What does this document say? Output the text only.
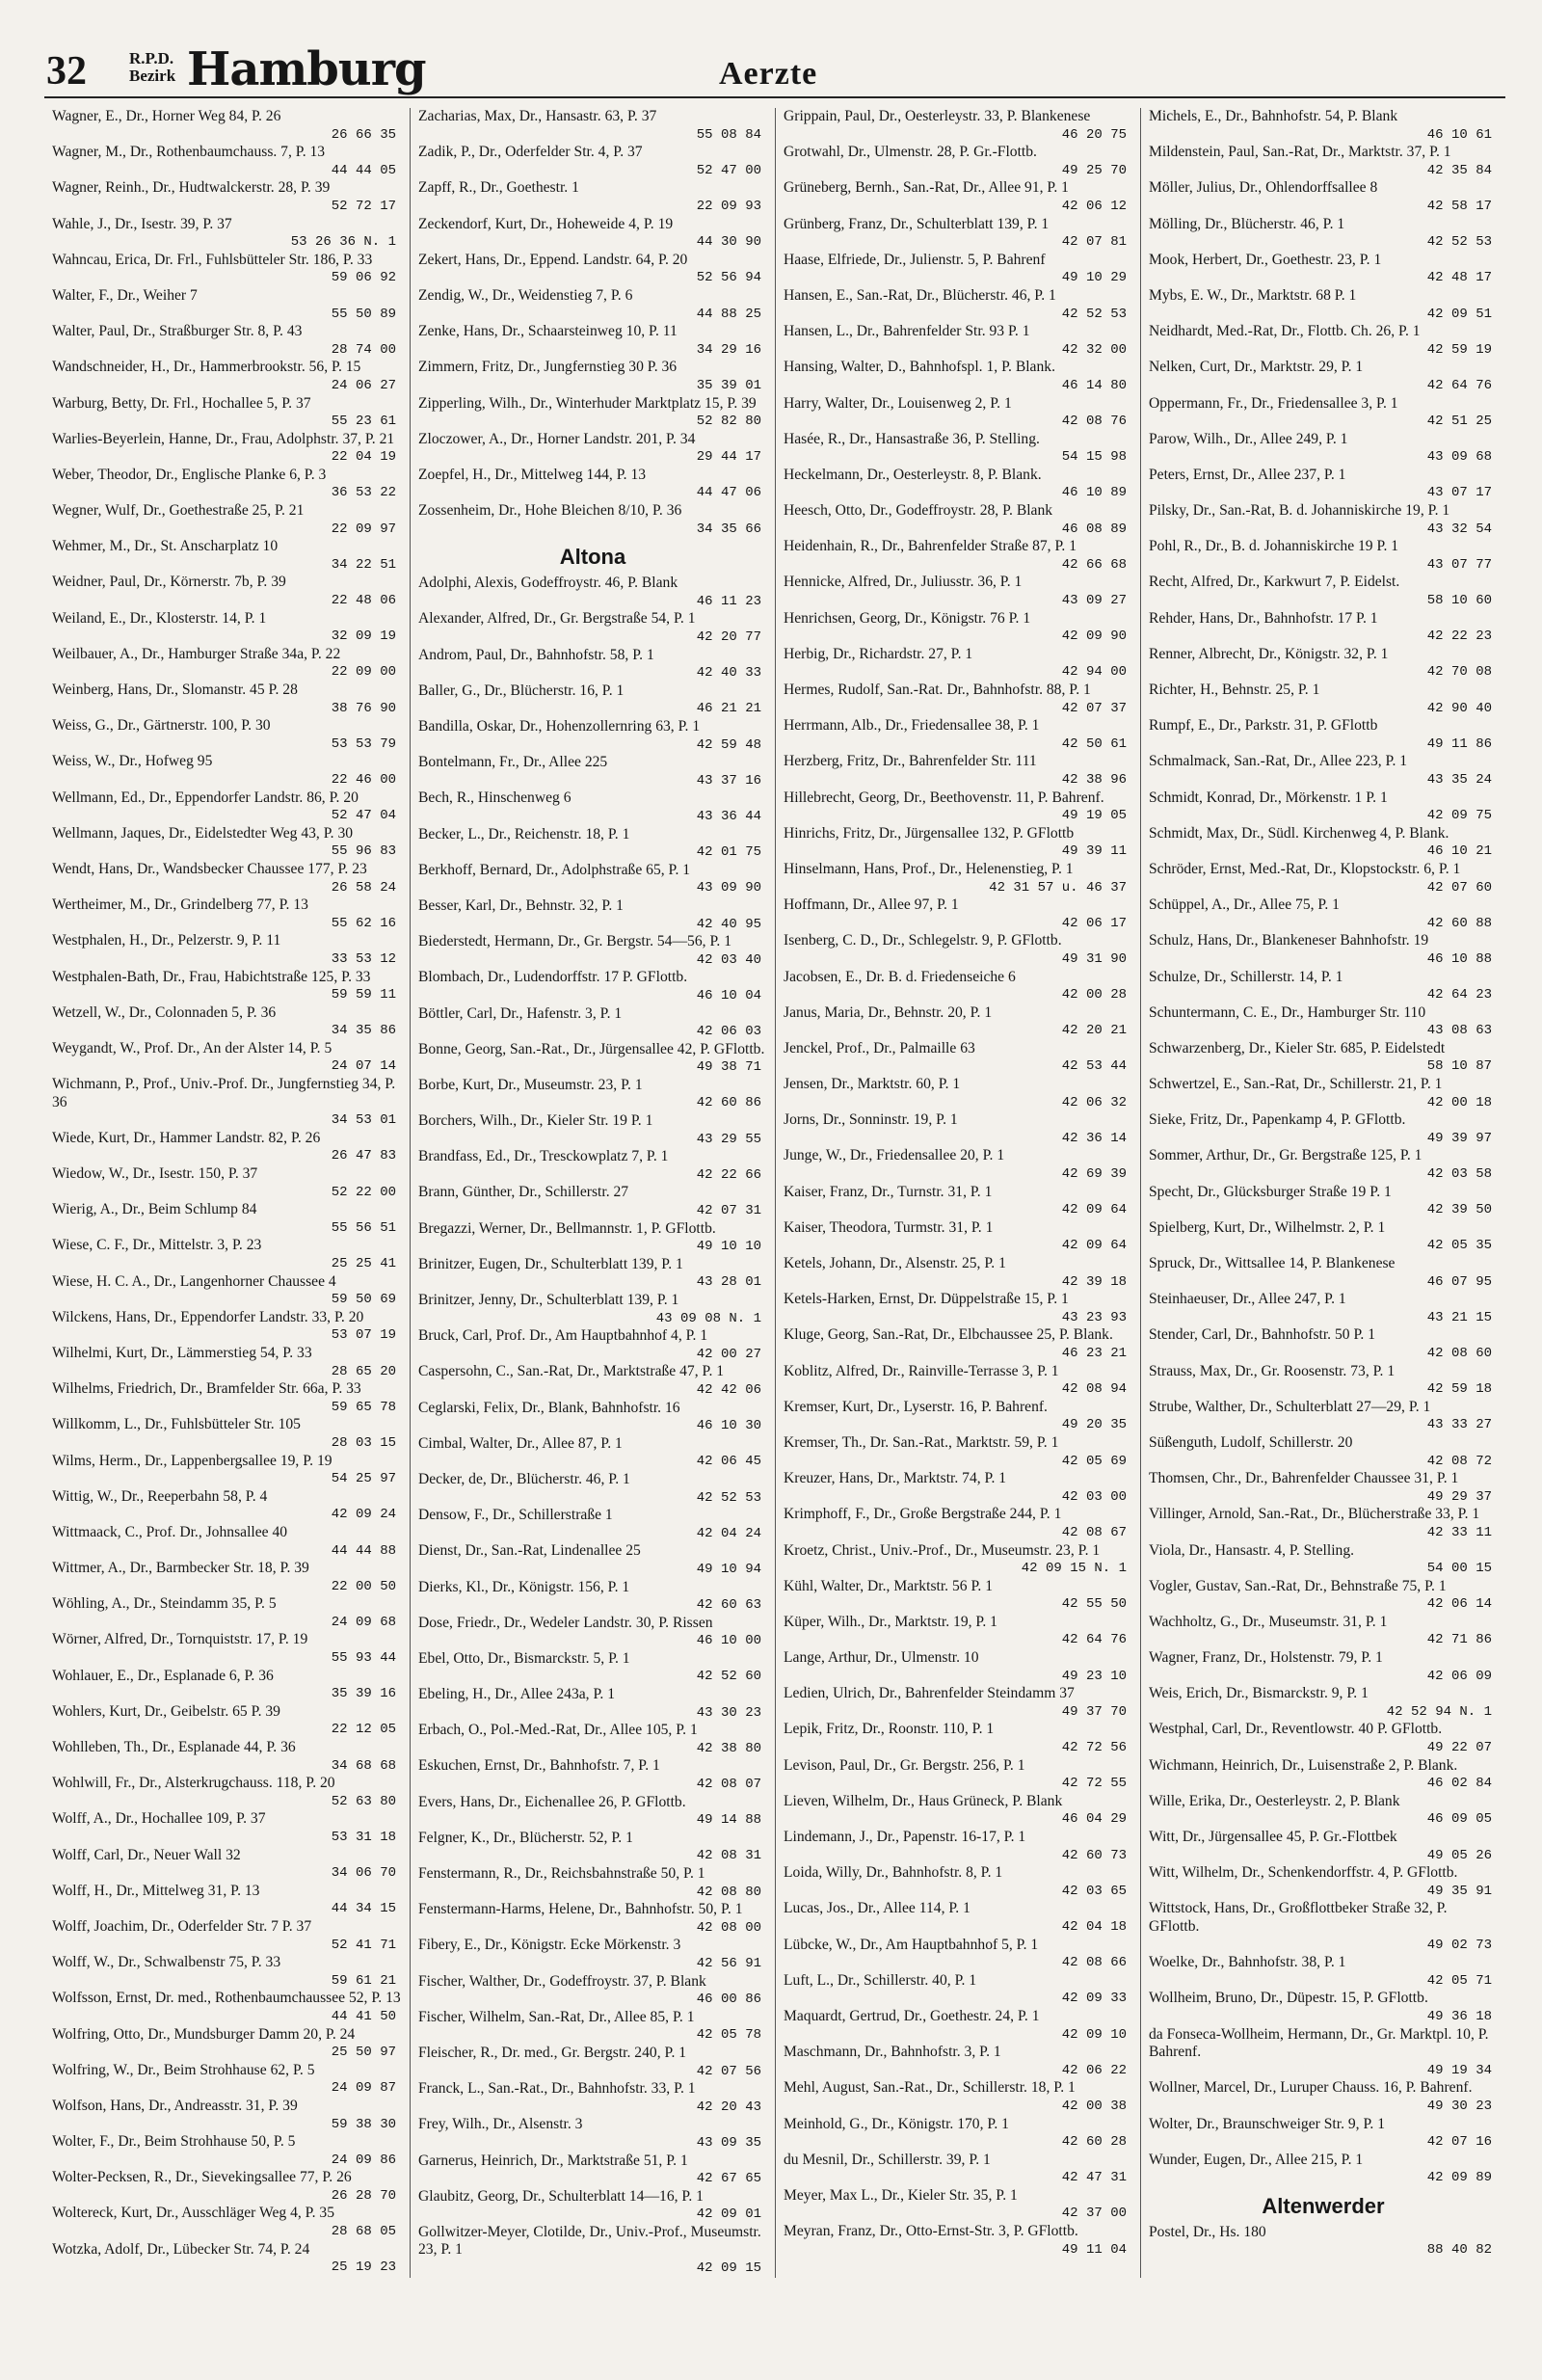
32	R.P.D.
Bezirk Hamburg	Aerzte
Wagner, E., Dr., Horner Weg 84, P. 26
26 66 35
Wagner, M., Dr., Rothenbaumchauss. 7, P. 13
44 44 05
Wagner, Reinh., Dr., Hudtwalckerstr. 28, P. 39
52 72 17
Wahle, J., Dr., Isestr. 39, P. 37
53 26 36 N. 1
Wahncau, Erica, Dr. Frl., Fuhlsbütteler Str. 186, P. 33
59 06 92
Walter, F., Dr., Weiher 7
55 50 89
Walter, Paul, Dr., Straßburger Str. 8, P. 43
28 74 00
Wandschneider, H., Dr., Hammerbrookstr. 56, P. 15
24 06 27
Warburg, Betty, Dr. Frl., Hochallee 5, P. 37
55 23 61
Warlies-Beyerlein, Hanne, Dr., Frau, Adolphstr. 37, P. 21
22 04 19
Weber, Theodor, Dr., Englische Planke 6, P. 3
36 53 22
Wegner, Wulf, Dr., Goethestraße 25, P. 21
22 09 97
Wehmer, M., Dr., St. Anscharplatz 10
34 22 51
Weidner, Paul, Dr., Körnerstr. 7b, P. 39
22 48 06
Weiland, E., Dr., Klosterstr. 14, P. 1
32 09 19
Weilbauer, A., Dr., Hamburger Straße 34a, P. 22
22 09 00
Weinberg, Hans, Dr., Slomanstr. 45 P. 28
38 76 90
Weiss, G., Dr., Gärtnerstr. 100, P. 30
53 53 79
Weiss, W., Dr., Hofweg 95
22 46 00
Wellmann, Ed., Dr., Eppendorfer Landstr. 86, P. 20
52 47 04
Wellmann, Jaques, Dr., Eidelstedter Weg 43, P. 30
55 96 83
Wendt, Hans, Dr., Wandsbecker Chaussee 177, P. 23
26 58 24
Wertheimer, M., Dr., Grindelberg 77, P. 13
55 62 16
Westphalen, H., Dr., Pelzerstr. 9, P. 11
33 53 12
Westphalen-Bath, Dr., Frau, Habichtstraße 125, P. 33
59 59 11
Wetzell, W., Dr., Colonnaden 5, P. 36
34 35 86
Weygandt, W., Prof. Dr., An der Alster 14, P. 5
24 07 14
Wichmann, P., Prof., Univ.-Prof. Dr., Jungfernstieg 34, P. 36
34 53 01
Wiede, Kurt, Dr., Hammer Landstr. 82, P. 26
26 47 83
Wiedow, W., Dr., Isestr. 150, P. 37
52 22 00
Wierig, A., Dr., Beim Schlump 84
55 56 51
Wiese, C. F., Dr., Mittelstr. 3, P. 23
25 25 41
Wiese, H. C. A., Dr., Langenhorner Chaussee 4
59 50 69
Wilckens, Hans, Dr., Eppendorfer Landstr. 33, P. 20
53 07 19
Wilhelmi, Kurt, Dr., Lämmerstieg 54, P. 33
28 65 20
Wilhelms, Friedrich, Dr., Bramfelder Str. 66a, P. 33
59 65 78
Willkomm, L., Dr., Fuhlsbütteler Str. 105
28 03 15
Wilms, Herm., Dr., Lappenbergsallee 19, P. 19
54 25 97
Wittig, W., Dr., Reeperbahn 58, P. 4
42 09 24
Wittmaack, C., Prof. Dr., Johnsallee 40
44 44 88
Wittmer, A., Dr., Barmbecker Str. 18, P. 39
22 00 50
Wöhling, A., Dr., Steindamm 35, P. 5
24 09 68
Wörner, Alfred, Dr., Tornquiststr. 17, P. 19
55 93 44
Wohlauer, E., Dr., Esplanade 6, P. 36
35 39 16
Wohlers, Kurt, Dr., Geibelstr. 65 P. 39
22 12 05
Wohlleben, Th., Dr., Esplanade 44, P. 36
34 68 68
Wohlwill, Fr., Dr., Alsterkrugchauss. 118, P. 20
52 63 80
Wolff, A., Dr., Hochallee 109, P. 37
53 31 18
Wolff, Carl, Dr., Neuer Wall 32
34 06 70
Wolff, H., Dr., Mittelweg 31, P. 13
44 34 15
Wolff, Joachim, Dr., Oderfelder Str. 7 P. 37
52 41 71
Wolff, W., Dr., Schwalbenstr 75, P. 33
59 61 21
Wolfsson, Ernst, Dr. med., Rothenbaumchaussee 52, P. 13
44 41 50
Wolfring, Otto, Dr., Mundsburger Damm 20, P. 24
25 50 97
Wolfring, W., Dr., Beim Strohhause 62, P. 5
24 09 87
Wolfson, Hans, Dr., Andreasstr. 31, P. 39
59 38 30
Wolter, F., Dr., Beim Strohhause 50, P. 5
24 09 86
Wolter-Pecksen, R., Dr., Sievekingsallee 77, P. 26
26 28 70
Woltereck, Kurt, Dr., Ausschläger Weg 4, P. 35
28 68 05
Wotzka, Adolf, Dr., Lübecker Str. 74, P. 24
25 19 23
Zacharias, Max, Dr., Hansastr. 63, P. 37
55 08 84
Zadik, P., Dr., Oderfelder Str. 4, P. 37
52 47 00
Zapff, R., Dr., Goethestr. 1
22 09 93
Zeckendorf, Kurt, Dr., Hoheweide 4, P. 19
44 30 90
Zekert, Hans, Dr., Eppend. Landstr. 64, P. 20
52 56 94
Zendig, W., Dr., Weidenstieg 7, P. 6
44 88 25
Zenke, Hans, Dr., Schaarsteinweg 10, P. 11
34 29 16
Zimmern, Fritz, Dr., Jungfernstieg 30 P. 36
35 39 01
Zipperling, Wilh., Dr., Winterhuder Marktplatz 15, P. 39
52 82 80
Zloczower, A., Dr., Horner Landstr. 201, P. 34
29 44 17
Zoepfel, H., Dr., Mittelweg 144, P. 13
44 47 06
Zossenheim, Dr., Hohe Bleichen 8/10, P. 36
34 35 66
Altona
Adolphi, Alexis, Godeffroystr. 46, P. Blank
46 11 23
Alexander, Alfred, Dr., Gr. Bergstraße 54, P. 1
42 20 77
Androm, Paul, Dr., Bahnhofstr. 58, P. 1
42 40 33
Baller, G., Dr., Blücherstr. 16, P. 1
46 21 21
Bandilla, Oskar, Dr., Hohenzollernring 63, P. 1
42 59 48
Bontelmann, Fr., Dr., Allee 225
43 37 16
Bech, R., Hinschenweg 6
43 36 44
Becker, L., Dr., Reichenstr. 18, P. 1
42 01 75
Berkhoff, Bernard, Dr., Adolphstraße 65, P. 1
43 09 90
Besser, Karl, Dr., Behnstr. 32, P. 1
42 40 95
Biederstedt, Hermann, Dr., Gr. Bergstr. 54—56, P. 1
42 03 40
Blombach, Dr., Ludendorffstr. 17 P. GFlottb.
46 10 04
Böttler, Carl, Dr., Hafenstr. 3, P. 1
42 06 03
Bonne, Georg, San.-Rat., Dr., Jürgensallee 42, P. GFlottb.
49 38 71
Borbe, Kurt, Dr., Museumstr. 23, P. 1
42 60 86
Borchers, Wilh., Dr., Kieler Str. 19 P. 1
43 29 55
Brandfass, Ed., Dr., Tresckowplatz 7, P. 1
42 22 66
Brann, Günther, Dr., Schillerstr. 27
42 07 31
Bregazzi, Werner, Dr., Bellmannstr. 1, P. GFlottb.
49 10 10
Brinitzer, Eugen, Dr., Schulterblatt 139, P. 1
43 28 01
Brinitzer, Jenny, Dr., Schulterblatt 139, P. 1
43 09 08 N. 1
Bruck, Carl, Prof. Dr., Am Hauptbahnhof 4, P. 1
42 00 27
Caspersohn, C., San.-Rat, Dr., Marktstraße 47, P. 1
42 42 06
Ceglarski, Felix, Dr., Blank, Bahnhofstr. 16
46 10 30
Cimbal, Walter, Dr., Allee 87, P. 1
42 06 45
Decker, de, Dr., Blücherstr. 46, P. 1
42 52 53
Densow, F., Dr., Schillerstraße 1
42 04 24
Dienst, Dr., San.-Rat, Lindenallee 25
49 10 94
Dierks, Kl., Dr., Königstr. 156, P. 1
42 60 63
Dose, Friedr., Dr., Wedeler Landstr. 30, P. Rissen
46 10 00
Ebel, Otto, Dr., Bismarckstr. 5, P. 1
42 52 60
Ebeling, H., Dr., Allee 243a, P. 1
43 30 23
Erbach, O., Pol.-Med.-Rat, Dr., Allee 105, P. 1
42 38 80
Eskuchen, Ernst, Dr., Bahnhofstr. 7, P. 1
42 08 07
Evers, Hans, Dr., Eichenallee 26, P. GFlottb.
49 14 88
Felgner, K., Dr., Blücherstr. 52, P. 1
42 08 31
Fenstermann, R., Dr., Reichsbahnstraße 50, P. 1
42 08 80
Fenstermann-Harms, Helene, Dr., Bahnhofstr. 50, P. 1
42 08 00
Fibery, E., Dr., Königstr. Ecke Mörkenstr. 3
42 56 91
Fischer, Walther, Dr., Godeffroystr. 37, P. Blank
46 00 86
Fischer, Wilhelm, San.-Rat, Dr., Allee 85, P. 1
42 05 78
Fleischer, R., Dr. med., Gr. Bergstr. 240, P. 1
42 07 56
Franck, L., San.-Rat., Dr., Bahnhofstr. 33, P. 1
42 20 43
Frey, Wilh., Dr., Alsenstr. 3
43 09 35
Garnerus, Heinrich, Dr., Marktstraße 51, P. 1
42 67 65
Glaubitz, Georg, Dr., Schulterblatt 14—16, P. 1
42 09 01
Gollwitzer-Meyer, Clotilde, Dr., Univ.-Prof., Museumstr. 23, P. 1
42 09 15
Grippain, Paul, Dr., Oesterleystr. 33, P. Blankenese
46 20 75
Grotwahl, Dr., Ulmenstr. 28, P. Gr.-Flottb.
49 25 70
Grüneberg, Bernh., San.-Rat, Dr., Allee 91, P. 1
42 06 12
Grünberg, Franz, Dr., Schulterblatt 139, P. 1
42 07 81
Haase, Elfriede, Dr., Julienstr. 5, P. Bahrenf
49 10 29
Hansen, E., San.-Rat, Dr., Blücherstr. 46, P. 1
42 52 53
Hansen, L., Dr., Bahrenfelder Str. 93 P. 1
42 32 00
Hansing, Walter, D., Bahnhofspl. 1, P. Blank.
46 14 80
Harry, Walter, Dr., Louisenweg 2, P. 1
42 08 76
Hasée, R., Dr., Hansastraße 36, P. Stelling.
54 15 98
Heckelmann, Dr., Oesterleystr. 8, P. Blank.
46 10 89
Heesch, Otto, Dr., Godeffroystr. 28, P. Blank
46 08 89
Heidenhain, R., Dr., Bahrenfelder Straße 87, P. 1
42 66 68
Hennicke, Alfred, Dr., Juliusstr. 36, P. 1
43 09 27
Henrichsen, Georg, Dr., Königstr. 76 P. 1
42 09 90
Herbig, Dr., Richardstr. 27, P. 1
42 94 00
Hermes, Rudolf, San.-Rat. Dr., Bahnhofstr. 88, P. 1
42 07 37
Herrmann, Alb., Dr., Friedensallee 38, P. 1
42 50 61
Herzberg, Fritz, Dr., Bahrenfelder Str. 111
42 38 96
Hillebrecht, Georg, Dr., Beethovenstr. 11, P. Bahrenf.
49 19 05
Hinrichs, Fritz, Dr., Jürgensallee 132, P. GFlottb
49 39 11
Hinselmann, Hans, Prof., Dr., Helenenstieg, P. 1
42 31 57 u. 46 37
Hoffmann, Dr., Allee 97, P. 1
42 06 17
Isenberg, C. D., Dr., Schlegelstr. 9, P. GFlottb.
49 31 90
Jacobsen, E., Dr. B. d. Friedenseiche 6
42 00 28
Janus, Maria, Dr., Behnstr. 20, P. 1
42 20 21
Jenckel, Prof., Dr., Palmaille 63
42 53 44
Jensen, Dr., Marktstr. 60, P. 1
42 06 32
Jorns, Dr., Sonninstr. 19, P. 1
42 36 14
Junge, W., Dr., Friedensallee 20, P. 1
42 69 39
Kaiser, Franz, Dr., Turnstr. 31, P. 1
42 09 64
Kaiser, Theodora, Turmstr. 31, P. 1
42 09 64
Ketels, Johann, Dr., Alsenstr. 25, P. 1
42 39 18
Ketels-Harken, Ernst, Dr. Düppelstraße 15, P. 1
43 23 93
Kluge, Georg, San.-Rat, Dr., Elbchaussee 25, P. Blank.
46 23 21
Koblitz, Alfred, Dr., Rainville-Terrasse 3, P. 1
42 08 94
Kremser, Kurt, Dr., Lyserstr. 16, P. Bahrenf.
49 20 35
Kremser, Th., Dr. San.-Rat., Marktstr. 59, P. 1
42 05 69
Kreuzer, Hans, Dr., Marktstr. 74, P. 1
42 03 00
Krimphoff, F., Dr., Große Bergstraße 244, P. 1
42 08 67
Kroetz, Christ., Univ.-Prof., Dr., Museumstr. 23, P. 1
42 09 15 N. 1
Kühl, Walter, Dr., Marktstr. 56 P. 1
42 55 50
Küper, Wilh., Dr., Marktstr. 19, P. 1
42 64 76
Lange, Arthur, Dr., Ulmenstr. 10
49 23 10
Ledien, Ulrich, Dr., Bahrenfelder Steindamm 37
49 37 70
Lepik, Fritz, Dr., Roonstr. 110, P. 1
42 72 56
Levison, Paul, Dr., Gr. Bergstr. 256, P. 1
42 72 55
Lieven, Wilhelm, Dr., Haus Grüneck, P. Blank
46 04 29
Lindemann, J., Dr., Papenstr. 16-17, P. 1
42 60 73
Loida, Willy, Dr., Bahnhofstr. 8, P. 1
42 03 65
Lucas, Jos., Dr., Allee 114, P. 1
42 04 18
Lübcke, W., Dr., Am Hauptbahnhof 5, P. 1
42 08 66
Luft, L., Dr., Schillerstr. 40, P. 1
42 09 33
Maquardt, Gertrud, Dr., Goethestr. 24, P. 1
42 09 10
Maschmann, Dr., Bahnhofstr. 3, P. 1
42 06 22
Mehl, August, San.-Rat., Dr., Schillerstr. 18, P. 1
42 00 38
Meinhold, G., Dr., Königstr. 170, P. 1
42 60 28
du Mesnil, Dr., Schillerstr. 39, P. 1
42 47 31
Meyer, Max L., Dr., Kieler Str. 35, P. 1
42 37 00
Meyran, Franz, Dr., Otto-Ernst-Str. 3, P. GFlottb.
49 11 04
Michels, E., Dr., Bahnhofstr. 54, P. Blank
46 10 61
Mildenstein, Paul, San.-Rat, Dr., Marktstr. 37, P. 1
42 35 84
Möller, Julius, Dr., Ohlendorffsallee 8
42 58 17
Mölling, Dr., Blücherstr. 46, P. 1
42 52 53
Mook, Herbert, Dr., Goethestr. 23, P. 1
42 48 17
Mybs, E. W., Dr., Marktstr. 68 P. 1
42 09 51
Neidhardt, Med.-Rat, Dr., Flottb. Ch. 26, P. 1
42 59 19
Nelken, Curt, Dr., Marktstr. 29, P. 1
42 64 76
Oppermann, Fr., Dr., Friedensallee 3, P. 1
42 51 25
Parow, Wilh., Dr., Allee 249, P. 1
43 09 68
Peters, Ernst, Dr., Allee 237, P. 1
43 07 17
Pilsky, Dr., San.-Rat, B. d. Johanniskirche 19, P. 1
43 32 54
Pohl, R., Dr., B. d. Johanniskirche 19 P. 1
43 07 77
Recht, Alfred, Dr., Karkwurt 7, P. Eidelst.
58 10 60
Rehder, Hans, Dr., Bahnhofstr. 17 P. 1
42 22 23
Renner, Albrecht, Dr., Königstr. 32, P. 1
42 70 08
Richter, H., Behnstr. 25, P. 1
42 90 40
Rumpf, E., Dr., Parkstr. 31, P. GFlottb
49 11 86
Schmalmack, San.-Rat, Dr., Allee 223, P. 1
43 35 24
Schmidt, Konrad, Dr., Mörkenstr. 1 P. 1
42 09 75
Schmidt, Max, Dr., Südl. Kirchenweg 4, P. Blank.
46 10 21
Schröder, Ernst, Med.-Rat, Dr., Klopstockstr. 6, P. 1
42 07 60
Schüppel, A., Dr., Allee 75, P. 1
42 60 88
Schulz, Hans, Dr., Blankeneser Bahnhofstr. 19
46 10 88
Schulze, Dr., Schillerstr. 14, P. 1
42 64 23
Schuntermann, C. E., Dr., Hamburger Str. 110
43 08 63
Schwarzenberg, Dr., Kieler Str. 685, P. Eidelstedt
58 10 87
Schwertzel, E., San.-Rat, Dr., Schillerstr. 21, P. 1
42 00 18
Sieke, Fritz, Dr., Papenkamp 4, P. GFlottb.
49 39 97
Sommer, Arthur, Dr., Gr. Bergstraße 125, P. 1
42 03 58
Specht, Dr., Glücksburger Straße 19 P. 1
42 39 50
Spielberg, Kurt, Dr., Wilhelmstr. 2, P. 1
42 05 35
Spruck, Dr., Wittsallee 14, P. Blankenese
46 07 95
Steinhaeuser, Dr., Allee 247, P. 1
43 21 15
Stender, Carl, Dr., Bahnhofstr. 50 P. 1
42 08 60
Strauss, Max, Dr., Gr. Roosenstr. 73, P. 1
42 59 18
Strube, Walther, Dr., Schulterblatt 27—29, P. 1
43 33 27
Süßenguth, Ludolf, Schillerstr. 20
42 08 72
Thomsen, Chr., Dr., Bahrenfelder Chaussee 31, P. 1
49 29 37
Villinger, Arnold, San.-Rat., Dr., Blücherstraße 33, P. 1
42 33 11
Viola, Dr., Hansastr. 4, P. Stelling.
54 00 15
Vogler, Gustav, San.-Rat, Dr., Behnstraße 75, P. 1
42 06 14
Wachholtz, G., Dr., Museumstr. 31, P. 1
42 71 86
Wagner, Franz, Dr., Holstenstr. 79, P. 1
42 06 09
Weis, Erich, Dr., Bismarckstr. 9, P. 1
42 52 94 N. 1
Westphal, Carl, Dr., Reventlowstr. 40 P. GFlottb.
49 22 07
Wichmann, Heinrich, Dr., Luisenstraße 2, P. Blank.
46 02 84
Wille, Erika, Dr., Oesterleystr. 2, P. Blank
46 09 05
Witt, Dr., Jürgensallee 45, P. Gr.-Flottbek
49 05 26
Witt, Wilhelm, Dr., Schenkendorffstr. 4, P. GFlottb.
49 35 91
Wittstock, Hans, Dr., Großflottbeker Straße 32, P. GFlottb.
49 02 73
Woelke, Dr., Bahnhofstr. 38, P. 1
42 05 71
Wollheim, Bruno, Dr., Düpestr. 15, P. GFlottb.
49 36 18
da Fonseca-Wollheim, Hermann, Dr., Gr. Marktpl. 10, P. Bahrenf.
49 19 34
Wollner, Marcel, Dr., Luruper Chauss. 16, P. Bahrenf.
49 30 23
Wolter, Dr., Braunschweiger Str. 9, P. 1
42 07 16
Wunder, Eugen, Dr., Allee 215, P. 1
42 09 89
Altenwerder
Postel, Dr., Hs. 180
88 40 82
